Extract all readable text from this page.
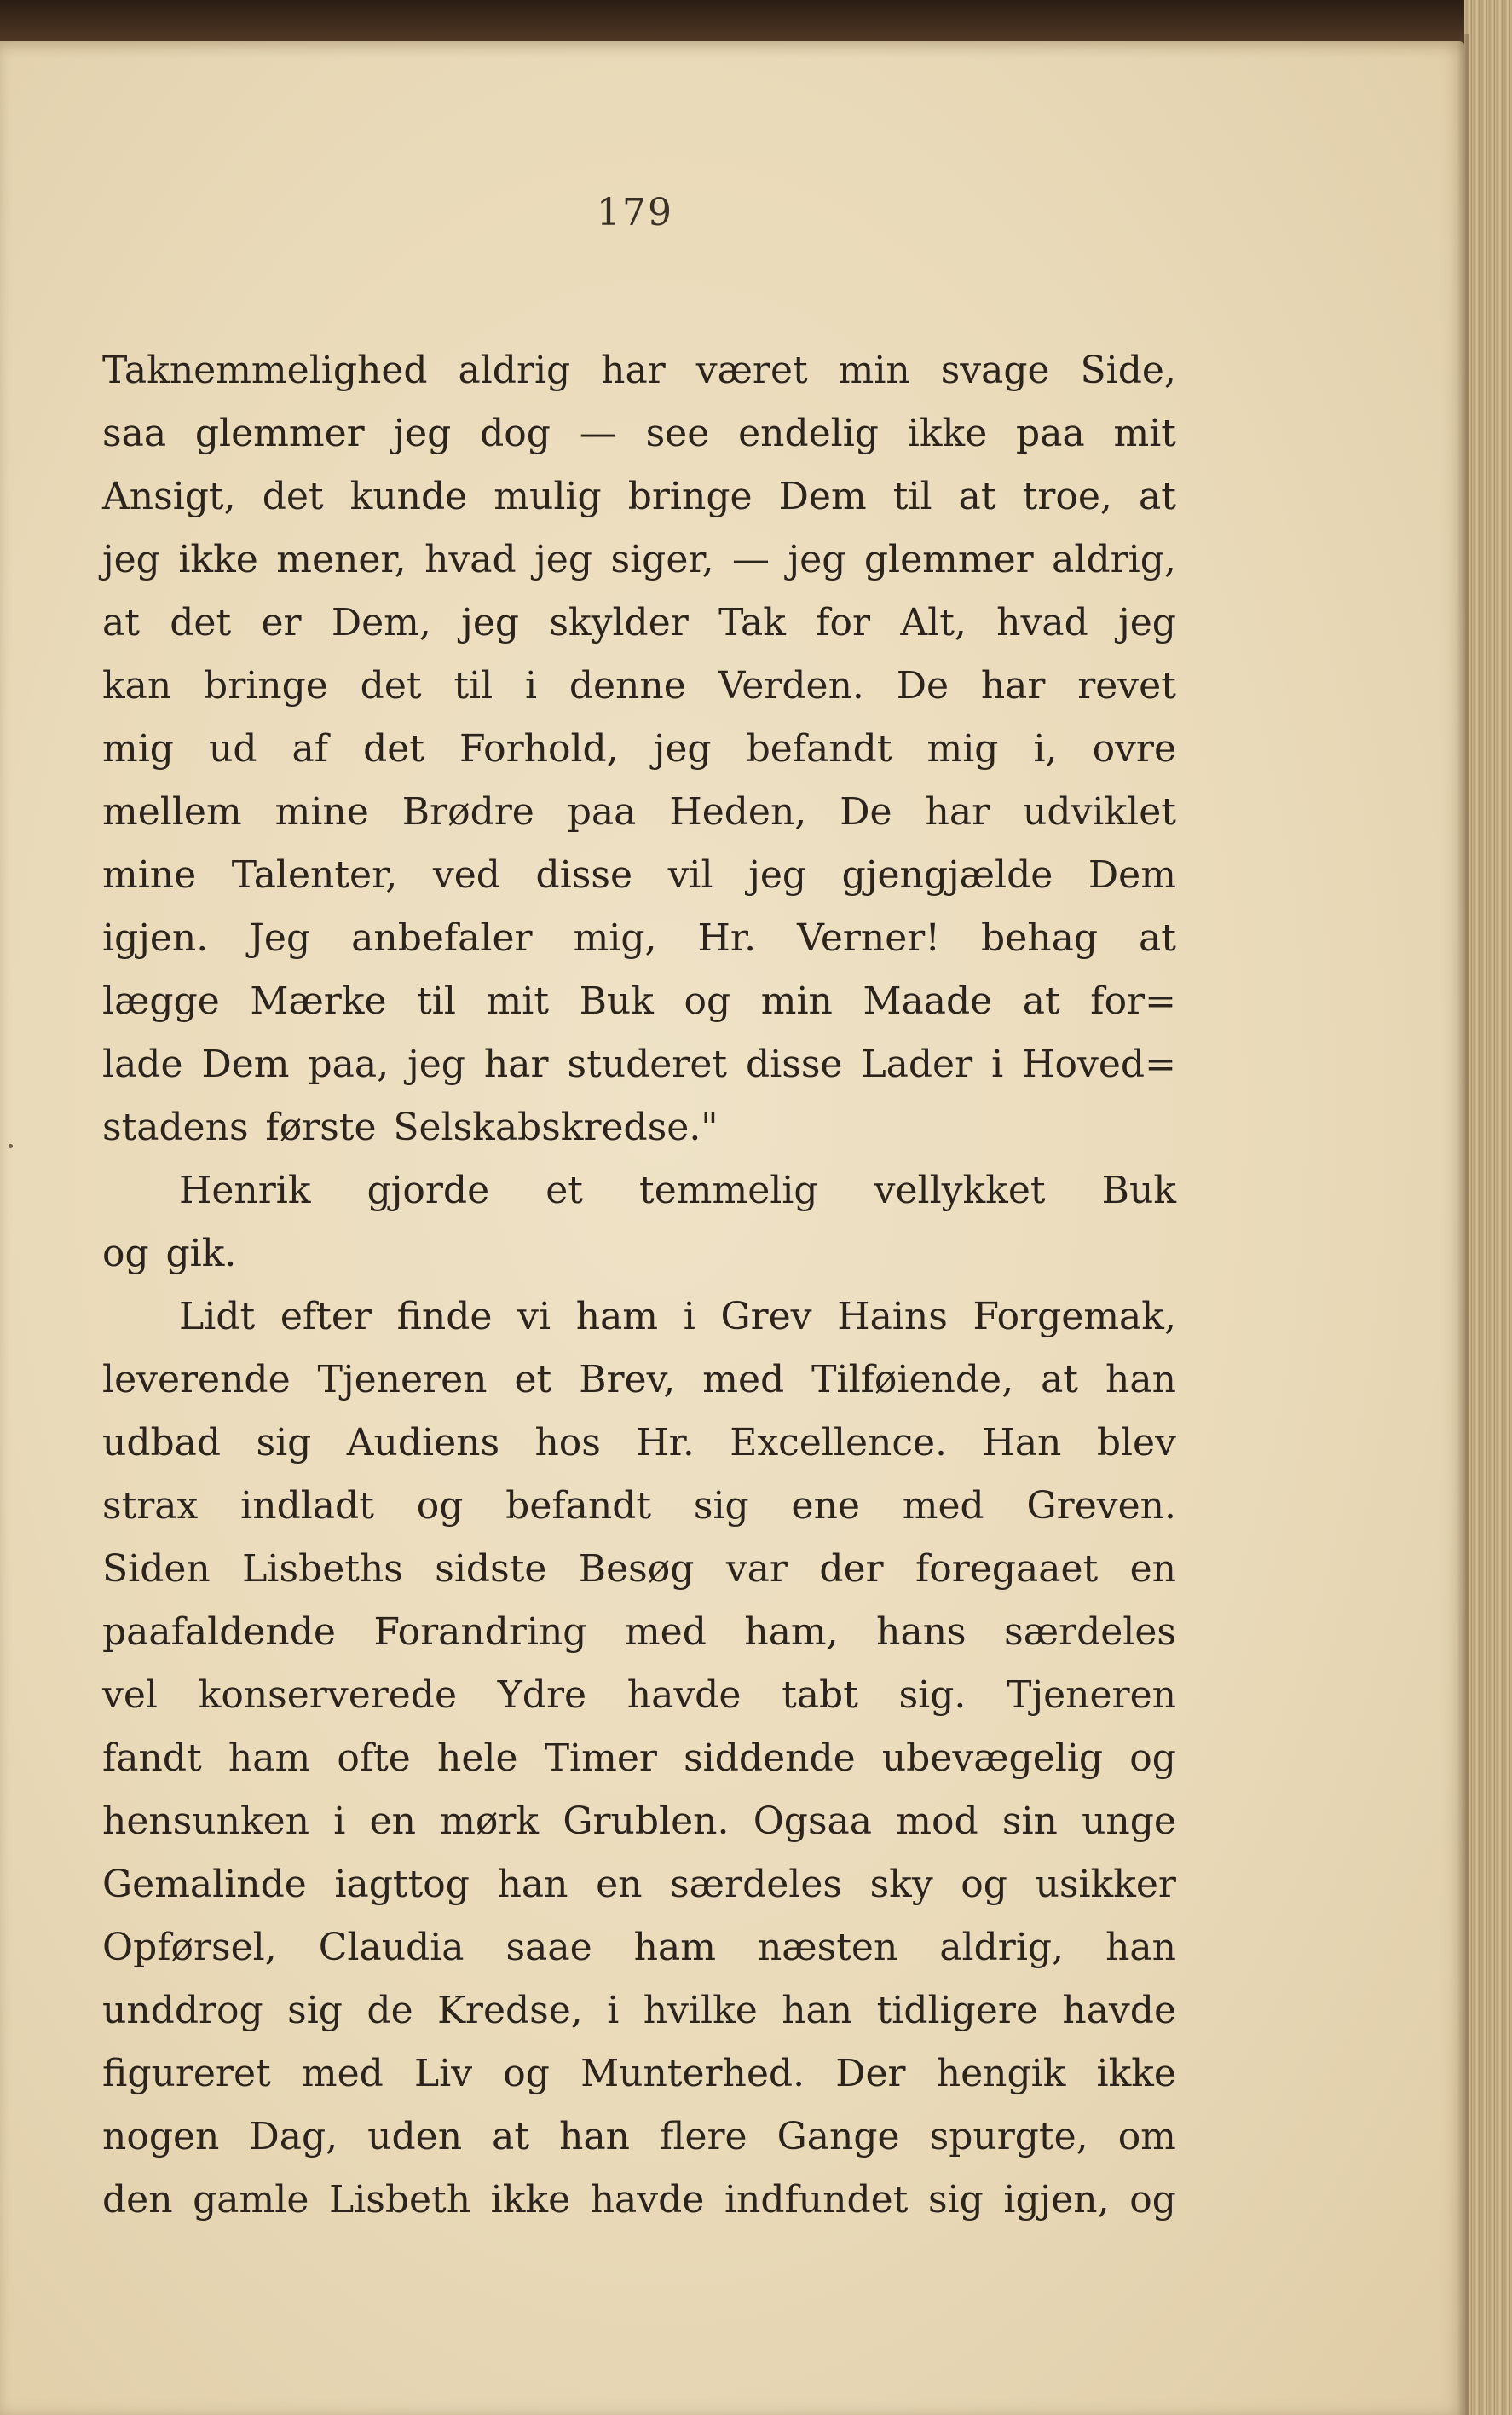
179
Taknemmelighed aldrig har været min svage Side,
saa glemmer jeg dog — see endelig ikke paa mit
Ansigt, det kunde mulig bringe Dem til at troe, at
jeg ikke mener, hvad jeg siger, — jeg glemmer aldrig,
at det er Dem, jeg skylder Tak for Alt, hvad jeg
kan bringe det til i denne Verden. De har revet
mig ud af det Forhold, jeg befandt mig i, ovre
mellem mine Brødre paa Heden, De har udviklet
mine Talenter, ved disse vil jeg gjengjælde Dem
igjen. Jeg anbefaler mig, Hr. Verner! behag at
lægge Mærke til mit Buk og min Maade at for=
lade Dem paa, jeg har studeret disse Lader i Hoved=
stadens første Selskabskredse."
Henrik gjorde et temmelig vellykket Buk
og gik.
Lidt efter finde vi ham i Grev Hains Forgemak,
leverende Tjeneren et Brev, med Tilføiende, at han
udbad sig Audiens hos Hr. Excellence. Han blev
strax indladt og befandt sig ene med Greven.
Siden Lisbeths sidste Besøg var der foregaaet en
paafaldende Forandring med ham, hans særdeles
vel konserverede Ydre havde tabt sig. Tjeneren
fandt ham ofte hele Timer siddende ubevægelig og
hensunken i en mørk Grublen. Ogsaa mod sin unge
Gemalinde iagttog han en særdeles sky og usikker
Opførsel, Claudia saae ham næsten aldrig, han
unddrog sig de Kredse, i hvilke han tidligere havde
figureret med Liv og Munterhed. Der hengik ikke
nogen Dag, uden at han flere Gange spurgte, om
den gamle Lisbeth ikke havde indfundet sig igjen, og
